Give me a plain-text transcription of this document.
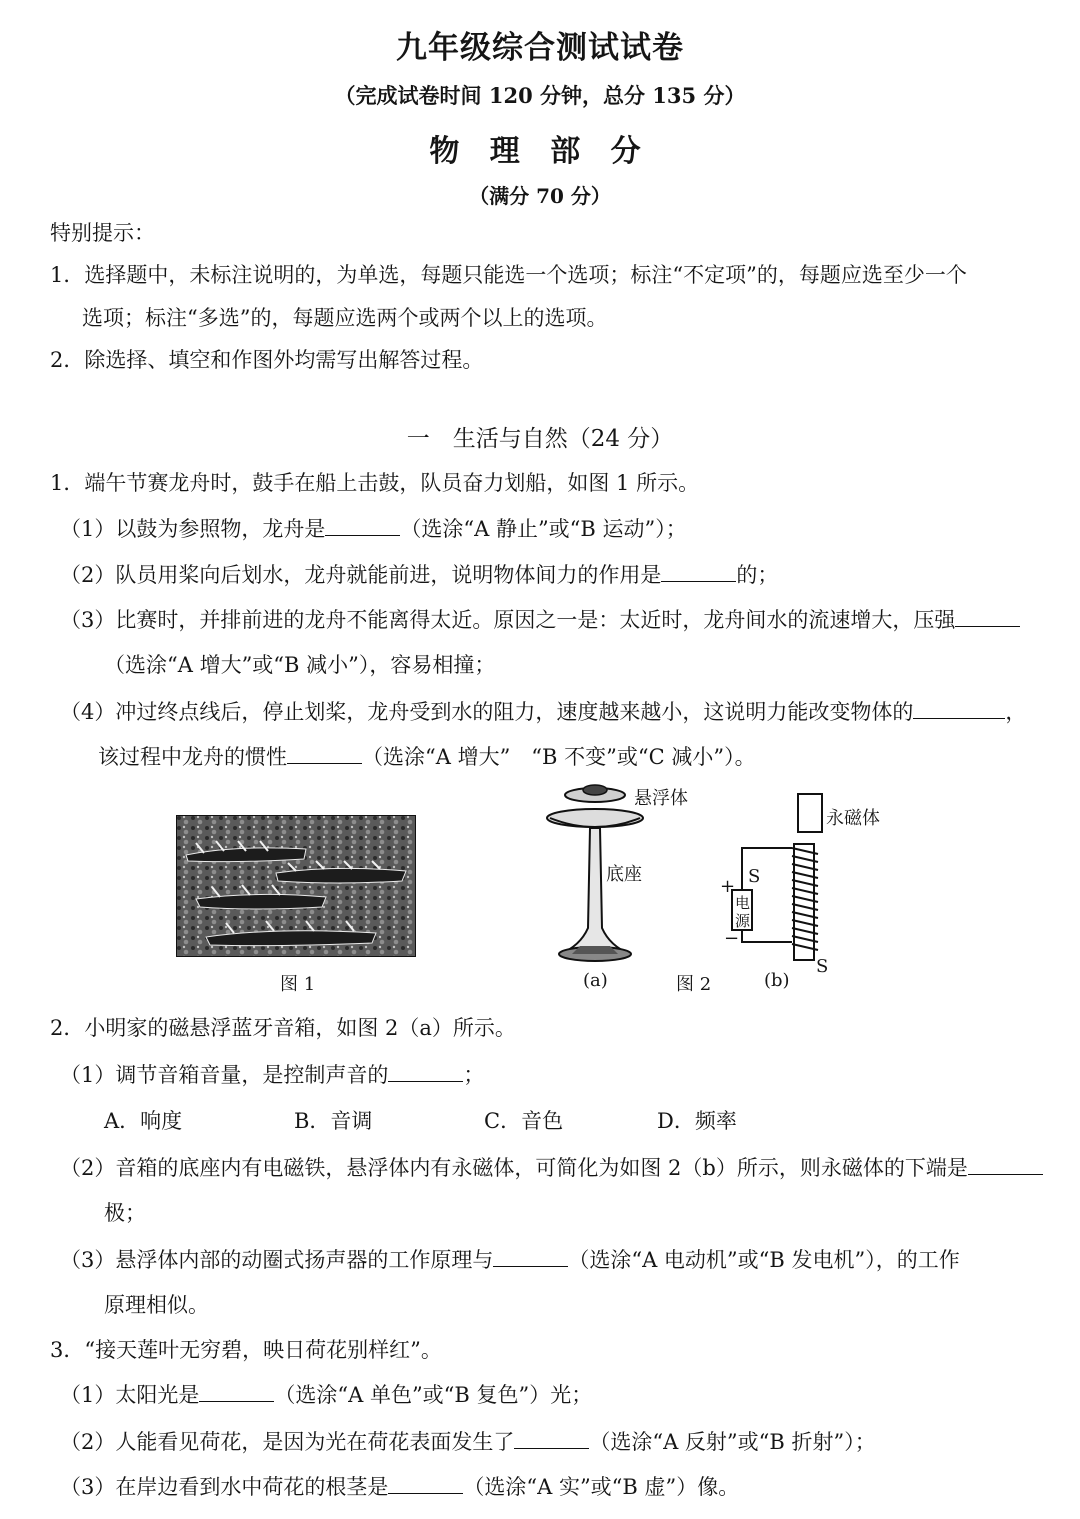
九年级综合测试试卷
（完成试卷时间 120 分钟，总分 135 分）
物 理 部 分
（满分 70 分）
特别提示：
1．选择题中，未标注说明的，为单选，每题只能选一个选项；标注“不定项”的，每题应选至少一个
选项；标注“多选”的，每题应选两个或两个以上的选项。
2．除选择、填空和作图外均需写出解答过程。
一　生活与自然（24 分）
1．端午节赛龙舟时，鼓手在船上击鼓，队员奋力划船，如图 1 所示。
（1）以鼓为参照物，龙舟是	（选涂“A 静止”或“B 运动”）；
（2）队员用桨向后划水，龙舟就能前进，说明物体间力的作用是	的；
（3）比赛时，并排前进的龙舟不能离得太近。原因之一是：太近时，龙舟间水的流速增大，压强
（选涂“A 增大”或“B 减小”），容易相撞；
（4）冲过终点线后，停止划桨，龙舟受到水的阻力，速度越来越小，这说明力能改变物体的	，
该过程中龙舟的惯性	（选涂“A 增大”　“B 不变”或“C 减小”）。
图 1
悬浮体
底座
(a)	图 2
永磁体
S
S
+
−
电
源
(b)
2．小明家的磁悬浮蓝牙音箱，如图 2（a）所示。
（1）调节音箱音量，是控制声音的	；
A．响度	B．音调	C．音色	D．频率
（2）音箱的底座内有电磁铁，悬浮体内有永磁体，可简化为如图 2（b）所示，则永磁体的下端是
极；
（3）悬浮体内部的动圈式扬声器的工作原理与	（选涂“A 电动机”或“B 发电机”），的工作
原理相似。
3．“接天莲叶无穷碧，映日荷花别样红”。
（1）太阳光是	（选涂“A 单色”或“B 复色”）光；
（2）人能看见荷花，是因为光在荷花表面发生了	（选涂“A 反射”或“B 折射”）；
（3）在岸边看到水中荷花的根茎是	（选涂“A 实”或“B 虚”）像。
